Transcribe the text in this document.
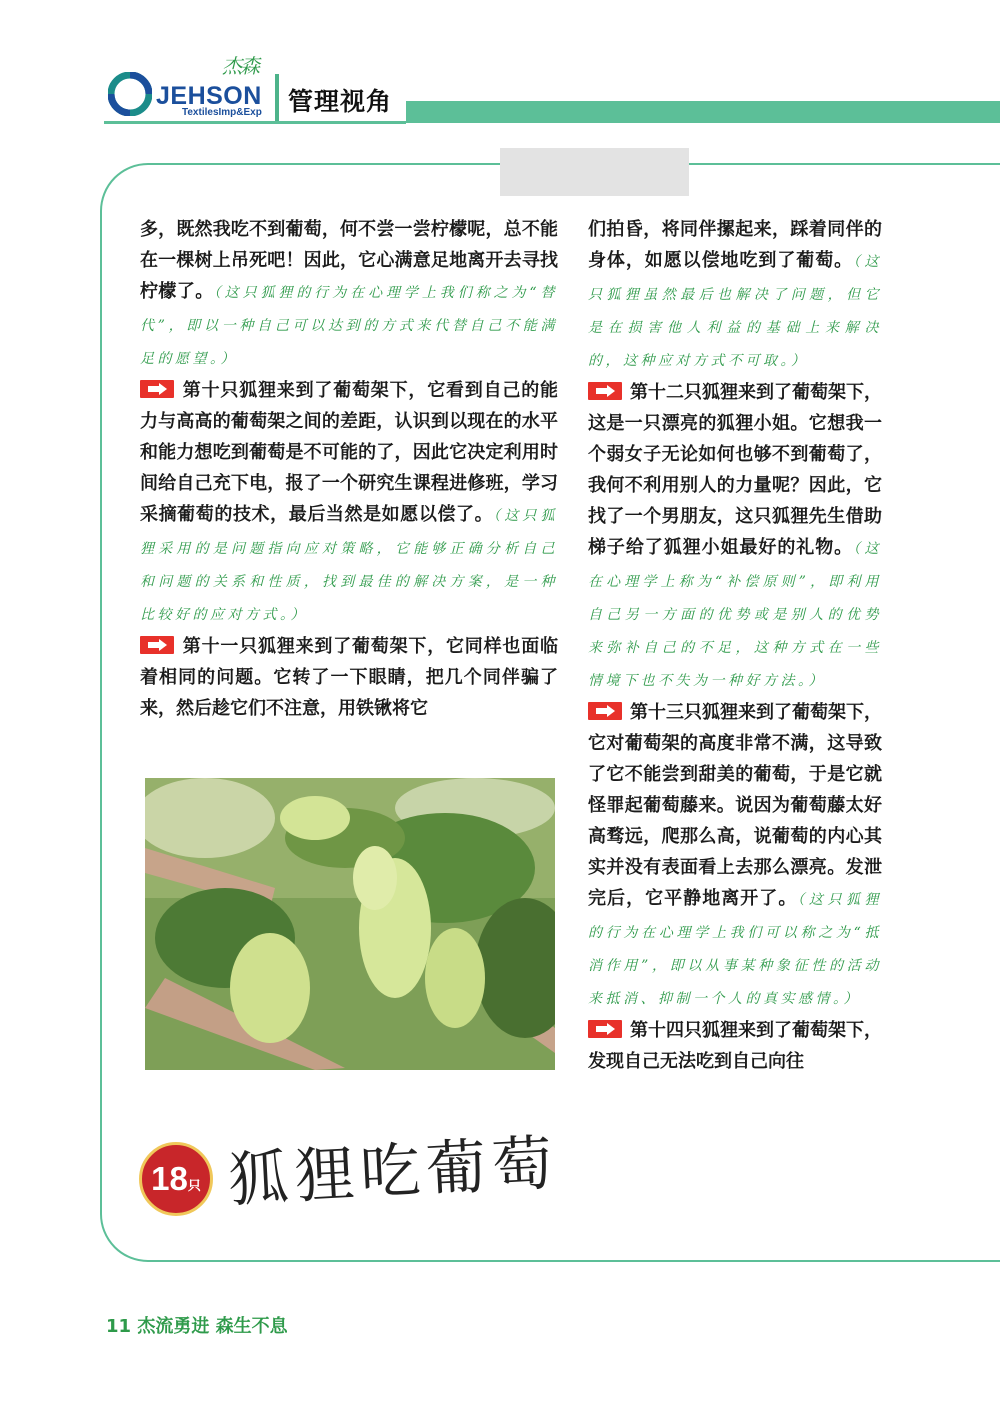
JEHSON
杰森
TextilesImp&Exp 管理视角

多，既然我吃不到葡萄，何不尝一尝柠檬呢，总不能在一棵树上吊死吧！因此，它心满意足地离开去寻找柠檬了。（这只狐狸的行为在心理学上我们称之为“替代”，即以一种自己可以达到的方式来代替自己不能满足的愿望。）

第十只狐狸来到了葡萄架下，它看到自己的能力与高高的葡萄架之间的差距，认识到以现在的水平和能力想吃到葡萄是不可能的了，因此它决定利用时间给自己充下电，报了一个研究生课程进修班，学习采摘葡萄的技术，最后当然是如愿以偿了。（这只狐狸采用的是问题指向应对策略，它能够正确分析自己和问题的关系和性质，找到最佳的解决方案，是一种比较好的应对方式。）

第十一只狐狸来到了葡萄架下，它同样也面临着相同的问题。它转了一下眼睛，把几个同伴骗了来，然后趁它们不注意，用铁锹将它

18只 狐狸吃葡萄

们拍昏，将同伴摞起来，踩着同伴的身体，如愿以偿地吃到了葡萄。（这只狐狸虽然最后也解决了问题，但它是在损害他人利益的基础上来解决的，这种应对方式不可取。）

第十二只狐狸来到了葡萄架下，这是一只漂亮的狐狸小姐。它想我一个弱女子无论如何也够不到葡萄了，我何不利用别人的力量呢？因此，它找了一个男朋友，这只狐狸先生借助梯子给了狐狸小姐最好的礼物。（这在心理学上称为“补偿原则”，即利用自己另一方面的优势或是别人的优势来弥补自己的不足，这种方式在一些情境下也不失为一种好方法。）

第十三只狐狸来到了葡萄架下，它对葡萄架的高度非常不满，这导致了它不能尝到甜美的葡萄，于是它就怪罪起葡萄藤来。说因为葡萄藤太好高骛远，爬那么高，说葡萄的内心其实并没有表面看上去那么漂亮。发泄完后，它平静地离开了。（这只狐狸的行为在心理学上我们可以称之为“抵消作用”，即以从事某种象征性的活动来抵消、抑制一个人的真实感情。）

第十四只狐狸来到了葡萄架下，发现自己无法吃到自己向往

11 杰流勇进 森生不息
